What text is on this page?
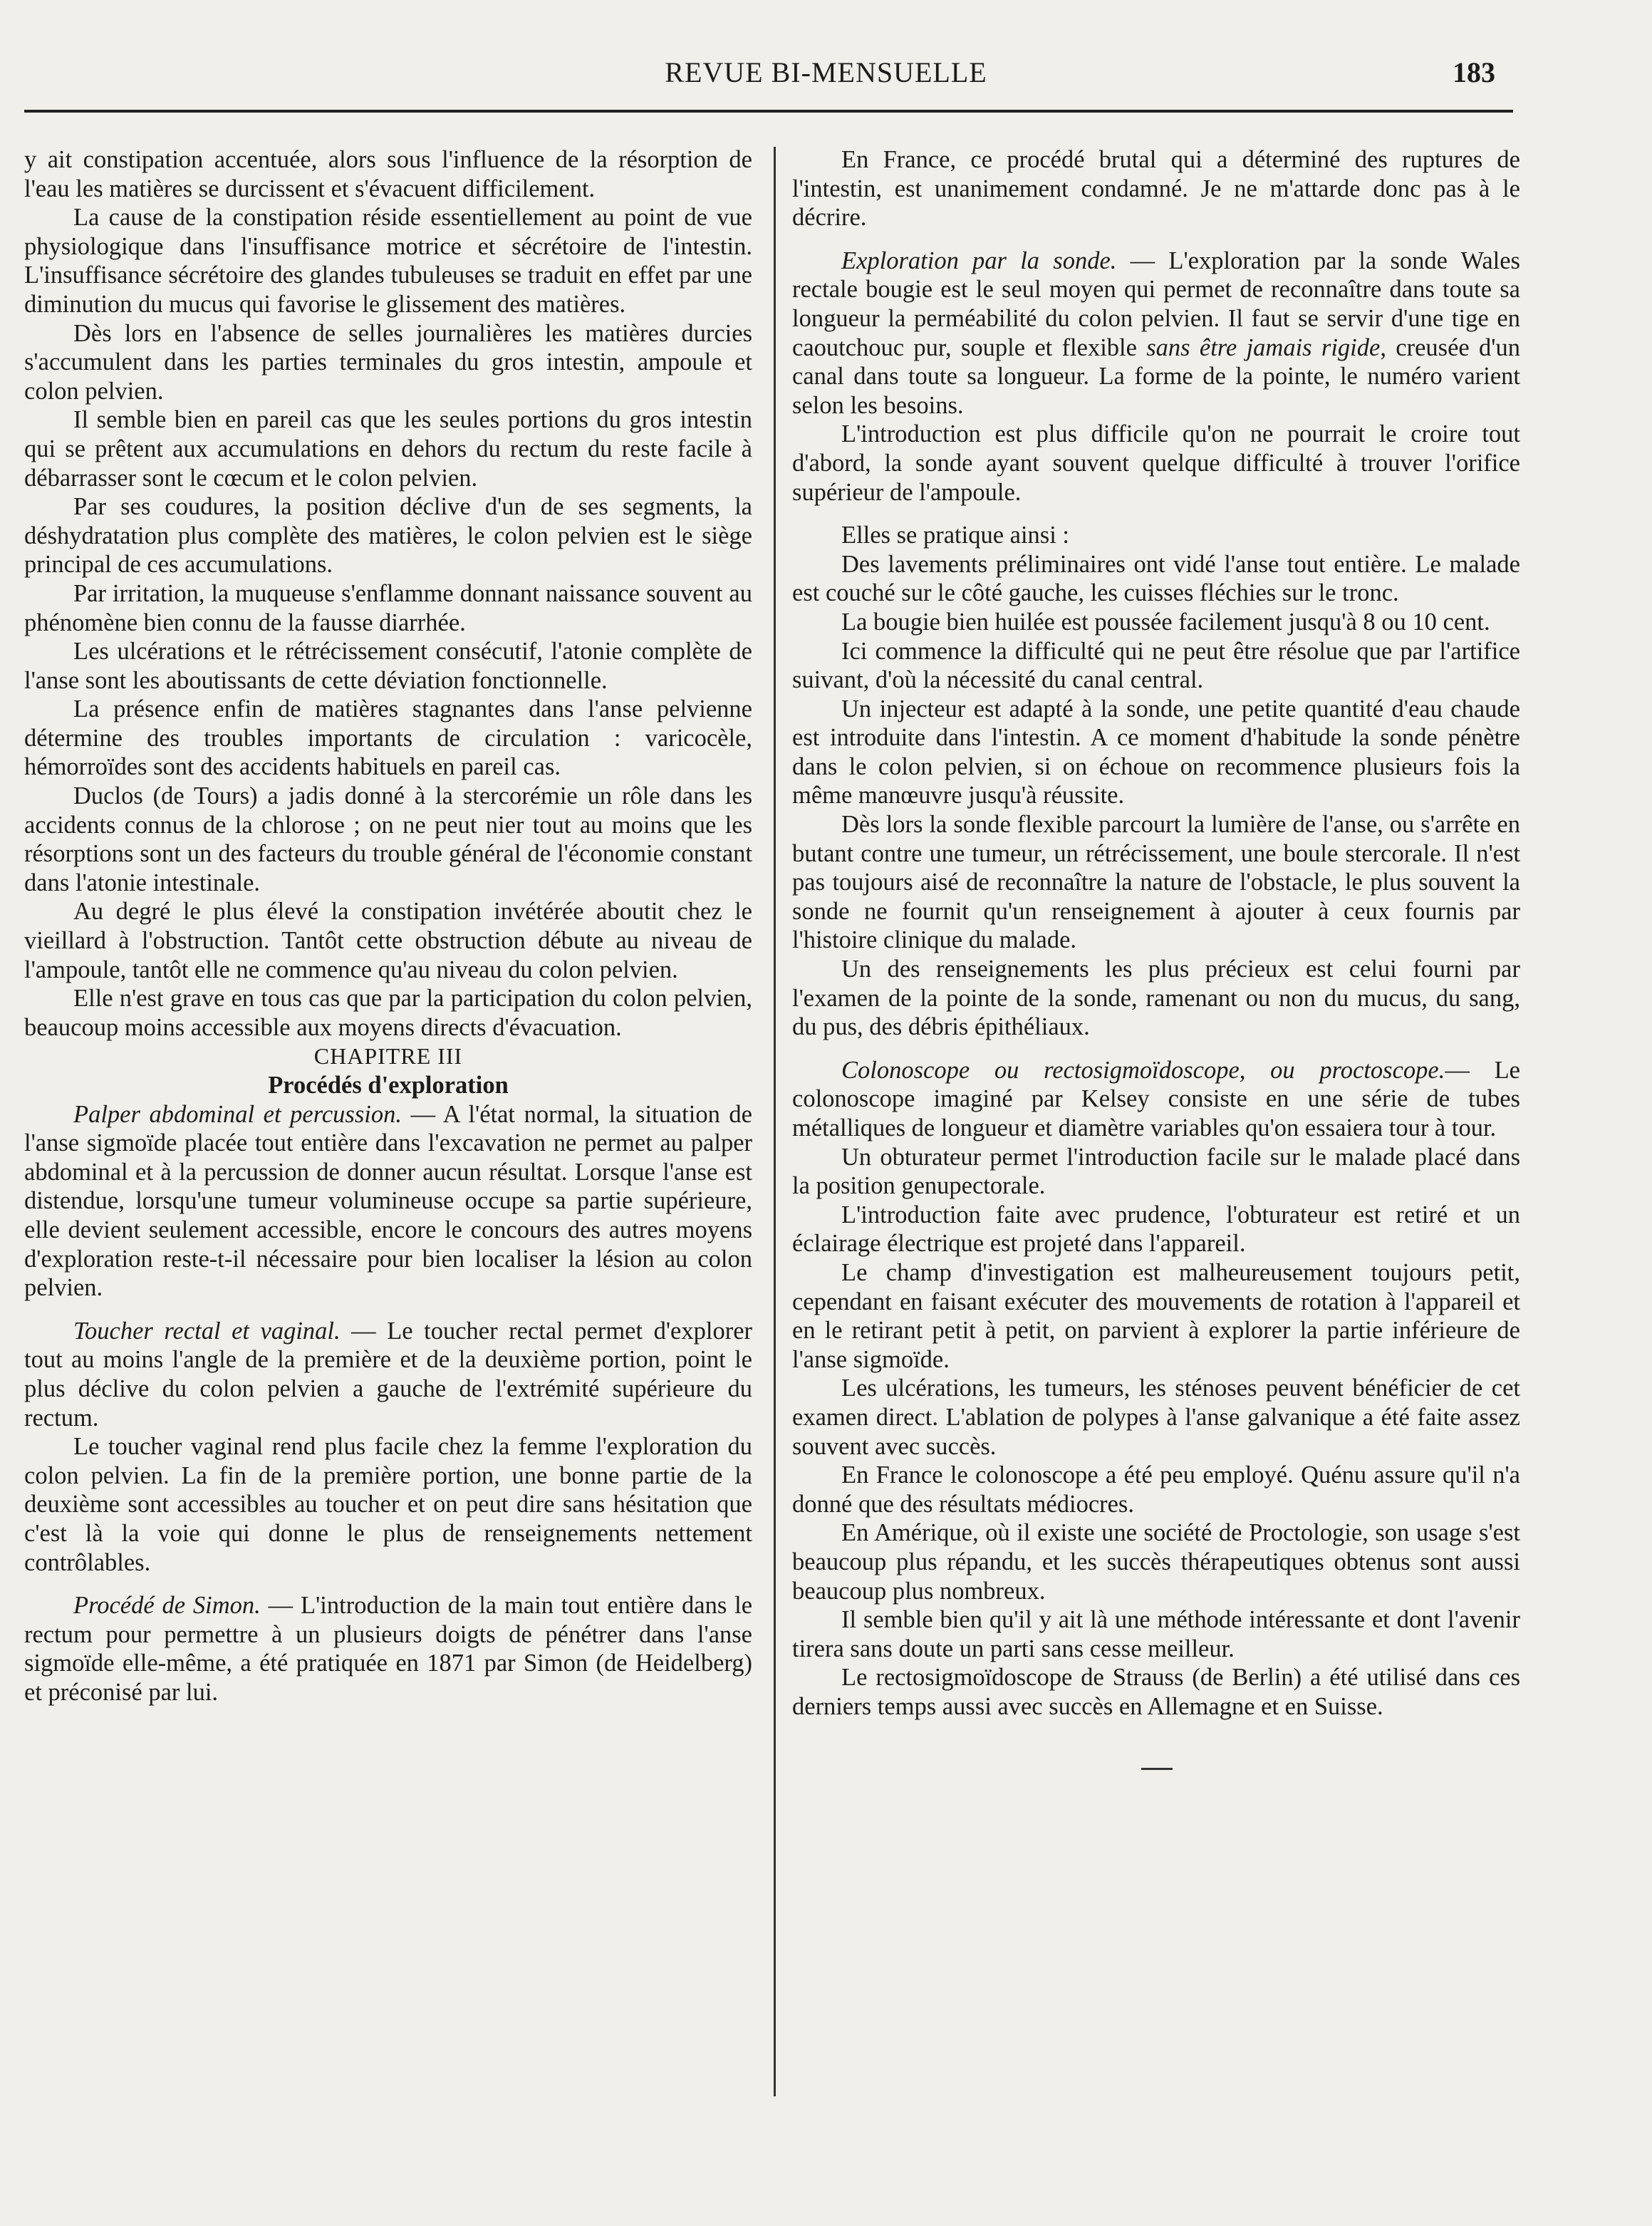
REVUE BI-MENSUELLE	183

y ait constipation accentuée, alors sous l'influence de la résorption de l'eau les matières se durcissent et s'évacuent difficilement.

La cause de la constipation réside essentiellement au point de vue physiologique dans l'insuffisance motrice et sécrétoire de l'intestin. L'insuffisance sécrétoire des glandes tubuleuses se traduit en effet par une diminution du mucus qui favorise le glissement des matières.

Dès lors en l'absence de selles journalières les matières durcies s'accumulent dans les parties terminales du gros intestin, ampoule et colon pelvien.

Il semble bien en pareil cas que les seules portions du gros intestin qui se prêtent aux accumulations en dehors du rectum du reste facile à débarrasser sont le cœcum et le colon pelvien.

Par ses coudures, la position déclive d'un de ses segments, la déshydratation plus complète des matières, le colon pelvien est le siège principal de ces accumulations.

Par irritation, la muqueuse s'enflamme donnant naissance souvent au phénomène bien connu de la fausse diarrhée.

Les ulcérations et le rétrécissement consécutif, l'atonie complète de l'anse sont les aboutissants de cette déviation fonctionnelle.

La présence enfin de matières stagnantes dans l'anse pelvienne détermine des troubles importants de circulation : varicocèle, hémorroïdes sont des accidents habituels en pareil cas.

Duclos (de Tours) a jadis donné à la stercorémie un rôle dans les accidents connus de la chlorose ; on ne peut nier tout au moins que les résorptions sont un des facteurs du trouble général de l'économie constant dans l'atonie intestinale.

Au degré le plus élevé la constipation invétérée aboutit chez le vieillard à l'obstruction. Tantôt cette obstruction débute au niveau de l'ampoule, tantôt elle ne commence qu'au niveau du colon pelvien.

Elle n'est grave en tous cas que par la participation du colon pelvien, beaucoup moins accessible aux moyens directs d'évacuation.

CHAPITRE III

Procédés d'exploration

Palper abdominal et percussion. — A l'état normal, la situation de l'anse sigmoïde placée tout entière dans l'excavation ne permet au palper abdominal et à la percussion de donner aucun résultat. Lorsque l'anse est distendue, lorsqu'une tumeur volumineuse occupe sa partie supérieure, elle devient seulement accessible, encore le concours des autres moyens d'exploration reste-t-il nécessaire pour bien localiser la lésion au colon pelvien.

Toucher rectal et vaginal. — Le toucher rectal permet d'explorer tout au moins l'angle de la première et de la deuxième portion, point le plus déclive du colon pelvien a gauche de l'extrémité supérieure du rectum.

Le toucher vaginal rend plus facile chez la femme l'exploration du colon pelvien. La fin de la première portion, une bonne partie de la deuxième sont accessibles au toucher et on peut dire sans hésitation que c'est là la voie qui donne le plus de renseignements nettement contrôlables.

Procédé de Simon. — L'introduction de la main tout entière dans le rectum pour permettre à un plusieurs doigts de pénétrer dans l'anse sigmoïde elle-même, a été pratiquée en 1871 par Simon (de Heidelberg) et préconisé par lui.

En France, ce procédé brutal qui a déterminé des ruptures de l'intestin, est unanimement condamné. Je ne m'attarde donc pas à le décrire.

Exploration par la sonde. — L'exploration par la sonde Wales rectale bougie est le seul moyen qui permet de reconnaître dans toute sa longueur la perméabilité du colon pelvien. Il faut se servir d'une tige en caoutchouc pur, souple et flexible sans être jamais rigide, creusée d'un canal dans toute sa longueur. La forme de la pointe, le numéro varient selon les besoins.

L'introduction est plus difficile qu'on ne pourrait le croire tout d'abord, la sonde ayant souvent quelque difficulté à trouver l'orifice supérieur de l'ampoule.

Elles se pratique ainsi :

Des lavements préliminaires ont vidé l'anse tout entière. Le malade est couché sur le côté gauche, les cuisses fléchies sur le tronc.

La bougie bien huilée est poussée facilement jusqu'à 8 ou 10 cent.

Ici commence la difficulté qui ne peut être résolue que par l'artifice suivant, d'où la nécessité du canal central.

Un injecteur est adapté à la sonde, une petite quantité d'eau chaude est introduite dans l'intestin. A ce moment d'habitude la sonde pénètre dans le colon pelvien, si on échoue on recommence plusieurs fois la même manœuvre jusqu'à réussite.

Dès lors la sonde flexible parcourt la lumière de l'anse, ou s'arrête en butant contre une tumeur, un rétrécissement, une boule stercorale. Il n'est pas toujours aisé de reconnaître la nature de l'obstacle, le plus souvent la sonde ne fournit qu'un renseignement à ajouter à ceux fournis par l'histoire clinique du malade.

Un des renseignements les plus précieux est celui fourni par l'examen de la pointe de la sonde, ramenant ou non du mucus, du sang, du pus, des débris épithéliaux.

Colonoscope ou rectosigmoïdoscope, ou proctoscope.— Le colonoscope imaginé par Kelsey consiste en une série de tubes métalliques de longueur et diamètre variables qu'on essaiera tour à tour.

Un obturateur permet l'introduction facile sur le malade placé dans la position genupectorale.

L'introduction faite avec prudence, l'obturateur est retiré et un éclairage électrique est projeté dans l'appareil.

Le champ d'investigation est malheureusement toujours petit, cependant en faisant exécuter des mouvements de rotation à l'appareil et en le retirant petit à petit, on parvient à explorer la partie inférieure de l'anse sigmoïde.

Les ulcérations, les tumeurs, les sténoses peuvent bénéficier de cet examen direct. L'ablation de polypes à l'anse galvanique a été faite assez souvent avec succès.

En France le colonoscope a été peu employé. Quénu assure qu'il n'a donné que des résultats médiocres.

En Amérique, où il existe une société de Proctologie, son usage s'est beaucoup plus répandu, et les succès thérapeutiques obtenus sont aussi beaucoup plus nombreux.

Il semble bien qu'il y ait là une méthode intéressante et dont l'avenir tirera sans doute un parti sans cesse meilleur.

Le rectosigmoïdoscope de Strauss (de Berlin) a été utilisé dans ces derniers temps aussi avec succès en Allemagne et en Suisse.
